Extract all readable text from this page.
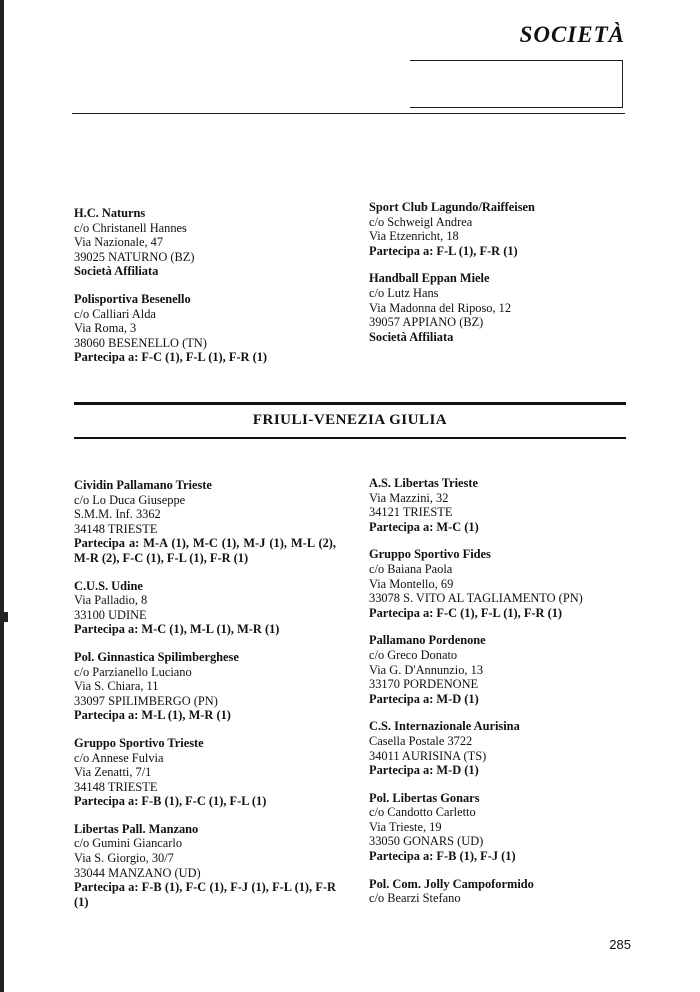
SOCIETÀ
H.C. Naturns
c/o Christanell Hannes
Via Nazionale, 47
39025 NATURNO (BZ)
Società Affiliata
Polisportiva Besenello
c/o Calliari Alda
Via Roma, 3
38060 BESENELLO (TN)
Partecipa a: F-C (1), F-L (1), F-R (1)
Sport Club Lagundo/Raiffeisen
c/o Schweigl Andrea
Via Etzenricht, 18
Partecipa a: F-L (1), F-R (1)
Handball Eppan Miele
c/o Lutz Hans
Via Madonna del Riposo, 12
39057 APPIANO (BZ)
Società Affiliata
FRIULI-VENEZIA GIULIA
Cividin Pallamano Trieste
c/o Lo Duca Giuseppe
S.M.M. Inf. 3362
34148 TRIESTE
Partecipa a: M-A (1), M-C (1), M-J (1), M-L (2), M-R (2), F-C (1), F-L (1), F-R (1)
C.U.S. Udine
Via Palladio, 8
33100 UDINE
Partecipa a: M-C (1), M-L (1), M-R (1)
Pol. Ginnastica Spilimberghese
c/o Parzianello Luciano
Via S. Chiara, 11
33097 SPILIMBERGO (PN)
Partecipa a: M-L (1), M-R (1)
Gruppo Sportivo Trieste
c/o Annese Fulvia
Via Zenatti, 7/1
34148 TRIESTE
Partecipa a: F-B (1), F-C (1), F-L (1)
Libertas Pall. Manzano
c/o Gumini Giancarlo
Via S. Giorgio, 30/7
33044 MANZANO (UD)
Partecipa a: F-B (1), F-C (1), F-J (1), F-L (1), F-R (1)
A.S. Libertas Trieste
Via Mazzini, 32
34121 TRIESTE
Partecipa a: M-C (1)
Gruppo Sportivo Fides
c/o Baiana Paola
Via Montello, 69
33078 S. VITO AL TAGLIAMENTO (PN)
Partecipa a: F-C (1), F-L (1), F-R (1)
Pallamano Pordenone
c/o Greco Donato
Via G. D'Annunzio, 13
33170 PORDENONE
Partecipa a: M-D (1)
C.S. Internazionale Aurisina
Casella Postale 3722
34011 AURISINA (TS)
Partecipa a: M-D (1)
Pol. Libertas Gonars
c/o Candotto Carletto
Via Trieste, 19
33050 GONARS (UD)
Partecipa a: F-B (1), F-J (1)
Pol. Com. Jolly Campoformido
c/o Bearzi Stefano
285
